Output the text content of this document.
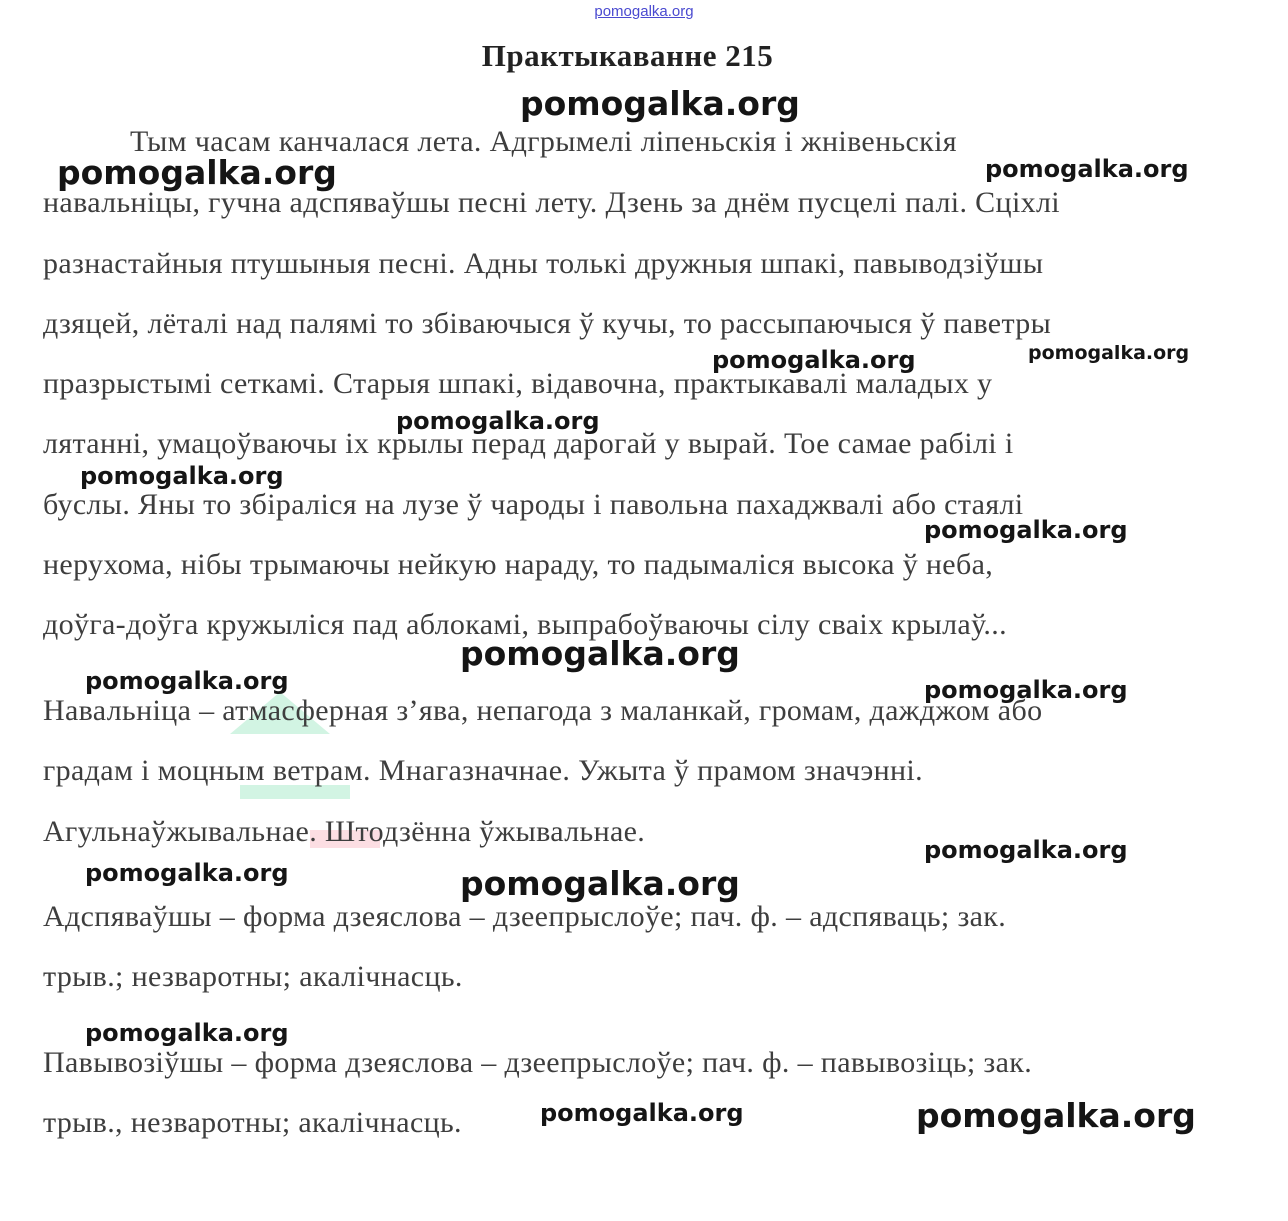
pomogalka.org
Практыкаванне 215
Тым часам канчалася лета. Адгрымелі ліпеньскія і жнівеньскія
навальніцы, гучна адспяваўшы песні лету. Дзень за днём пусцелі палі. Сціхлі
разнастайныя птушыныя песні. Адны толькі дружныя шпакі, павыводзіўшы
дзяцей, лёталі над палямі то збіваючыся ў кучы, то рассыпаючыся ў паветры
празрыстымі сеткамі. Старыя шпакі, відавочна, практыкавалі маладых у
лятанні, умацоўваючы іх крылы перад дарогай у вырай. Тое самае рабілі і
буслы. Яны то збіраліся на лузе ў чароды і павольна пахаджвалі або стаялі
нерухома, нібы трымаючы нейкую нараду, то падымаліся высока ў неба,
доўга-доўга кружыліся пад аблокамі, выпрабоўваючы сілу сваіх крылаў...
Навальніца – атмасферная з’ява, непагода з маланкай, громам, дажджом або
градам і моцным ветрам. Мнагазначнае. Ужыта ў прамом значэнні.
Агульнаўжывальнае. Штодзённа ўжывальнае.
Адспяваўшы – форма дзеяслова – дзеепрыслоўе; пач. ф. – адспяваць; зак.
трыв.; незваротны; акалічнасць.
Павывозіўшы – форма дзеяслова – дзеепрыслоўе; пач. ф. – павывозіць; зак.
трыв., незваротны; акалічнасць.
pomogalka.org
pomogalka.org	pomogalka.org
pomogalka.org	pomogalka.org
pomogalka.org
pomogalka.org
pomogalka.org
pomogalka.org
pomogalka.org	pomogalka.org
pomogalka.org
pomogalka.org	pomogalka.org
pomogalka.org
pomogalka.org	pomogalka.org
